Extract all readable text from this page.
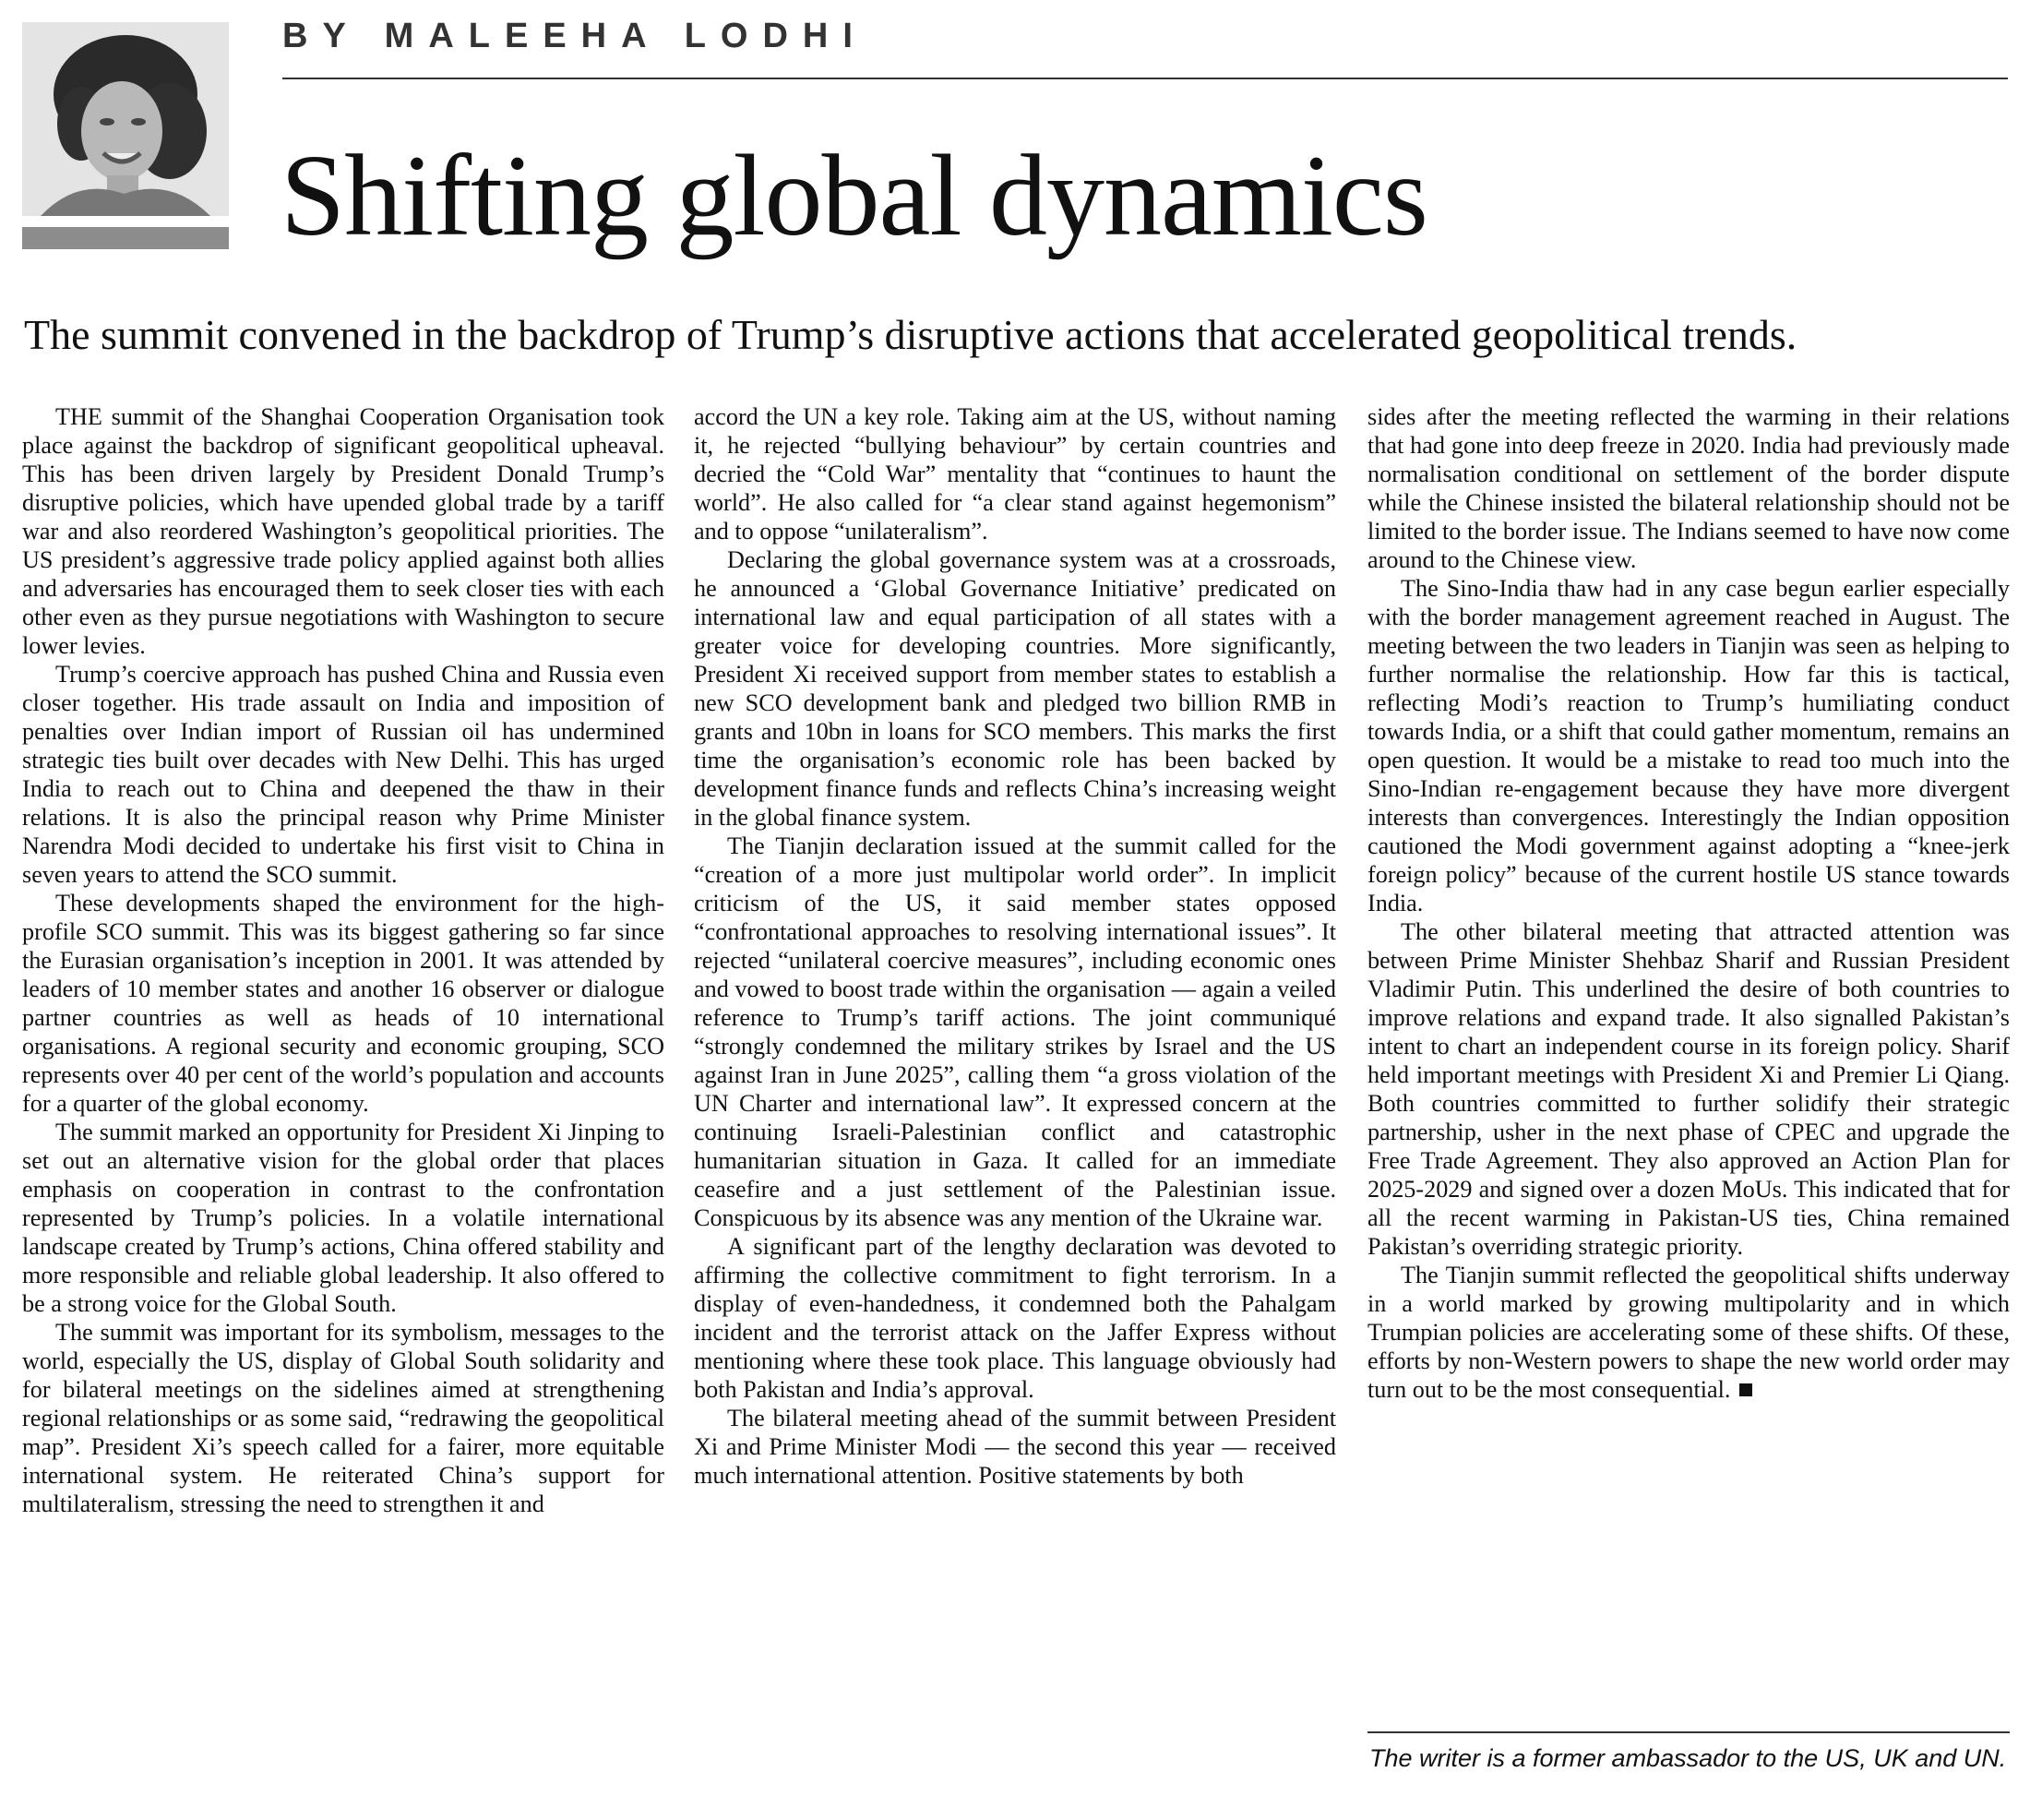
BY MALEEHA LODHI
Shifting global dynamics
The summit convened in the backdrop of Trump’s disruptive actions that accelerated geopolitical trends.

THE summit of the Shanghai Cooperation Organisation took place against the backdrop of significant geopolitical upheaval. This has been driven largely by President Donald Trump’s disruptive policies, which have upended global trade by a tariff war and also reordered Washington’s geopolitical priorities. The US president’s aggressive trade policy applied against both allies and adversaries has encouraged them to seek closer ties with each other even as they pursue negotiations with Washington to secure lower levies.

Trump’s coercive approach has pushed China and Russia even closer together. His trade assault on India and imposition of penalties over Indian import of Russian oil has undermined strategic ties built over decades with New Delhi. This has urged India to reach out to China and deepened the thaw in their relations. It is also the principal reason why Prime Minister Narendra Modi decided to undertake his first visit to China in seven years to attend the SCO summit.

These developments shaped the environment for the high-profile SCO summit. This was its biggest gathering so far since the Eurasian organisation’s inception in 2001. It was attended by leaders of 10 member states and another 16 observer or dialogue partner countries as well as heads of 10 international organisations. A regional security and economic grouping, SCO represents over 40 per cent of the world’s population and accounts for a quarter of the global economy.

The summit marked an opportunity for President Xi Jinping to set out an alternative vision for the global order that places emphasis on cooperation in contrast to the confrontation represented by Trump’s policies. In a volatile international landscape created by Trump’s actions, China offered stability and more responsible and reliable global leadership. It also offered to be a strong voice for the Global South.

The summit was important for its symbolism, messages to the world, especially the US, display of Global South solidarity and for bilateral meetings on the sidelines aimed at strengthening regional relationships or as some said, “redrawing the geopolitical map”. President Xi’s speech called for a fairer, more equitable international system. He reiterated China’s support for multilateralism, stressing the need to strengthen it and

accord the UN a key role. Taking aim at the US, without naming it, he rejected “bullying behaviour” by certain countries and decried the “Cold War” mentality that “continues to haunt the world”. He also called for “a clear stand against hegemonism” and to oppose “unilateralism”.

Declaring the global governance system was at a crossroads, he announced a ‘Global Governance Initiative’ predicated on international law and equal participation of all states with a greater voice for developing countries. More significantly, President Xi received support from member states to establish a new SCO development bank and pledged two billion RMB in grants and 10bn in loans for SCO members. This marks the first time the organisation’s economic role has been backed by development finance funds and reflects China’s increasing weight in the global finance system.

The Tianjin declaration issued at the summit called for the “creation of a more just multipolar world order”. In implicit criticism of the US, it said member states opposed “confrontational approaches to resolving international issues”. It rejected “unilateral coercive measures”, including economic ones and vowed to boost trade within the organisation — again a veiled reference to Trump’s tariff actions. The joint communiqué “strongly condemned the military strikes by Israel and the US against Iran in June 2025”, calling them “a gross violation of the UN Charter and international law”. It expressed concern at the continuing Israeli-Palestinian conflict and catastrophic humanitarian situation in Gaza. It called for an immediate ceasefire and a just settlement of the Palestinian issue. Conspicuous by its absence was any mention of the Ukraine war.

A significant part of the lengthy declaration was devoted to affirming the collective commitment to fight terrorism. In a display of even-handedness, it condemned both the Pahalgam incident and the terrorist attack on the Jaffer Express without mentioning where these took place. This language obviously had both Pakistan and India’s approval.

The bilateral meeting ahead of the summit between President Xi and Prime Minister Modi — the second this year — received much international attention. Positive statements by both

sides after the meeting reflected the warming in their relations that had gone into deep freeze in 2020. India had previously made normalisation conditional on settlement of the border dispute while the Chinese insisted the bilateral relationship should not be limited to the border issue. The Indians seemed to have now come around to the Chinese view.

The Sino-India thaw had in any case begun earlier especially with the border management agreement reached in August. The meeting between the two leaders in Tianjin was seen as helping to further normalise the relationship. How far this is tactical, reflecting Modi’s reaction to Trump’s humiliating conduct towards India, or a shift that could gather momentum, remains an open question. It would be a mistake to read too much into the Sino-Indian re-engagement because they have more divergent interests than convergences. Interestingly the Indian opposition cautioned the Modi government against adopting a “knee-jerk foreign policy” because of the current hostile US stance towards India.

The other bilateral meeting that attracted attention was between Prime Minister Shehbaz Sharif and Russian President Vladimir Putin. This underlined the desire of both countries to improve relations and expand trade. It also signalled Pakistan’s intent to chart an independent course in its foreign policy. Sharif held important meetings with President Xi and Premier Li Qiang. Both countries committed to further solidify their strategic partnership, usher in the next phase of CPEC and upgrade the Free Trade Agreement. They also approved an Action Plan for 2025-2029 and signed over a dozen MoUs. This indicated that for all the recent warming in Pakistan-US ties, China remained Pakistan’s overriding strategic priority.

The Tianjin summit reflected the geopolitical shifts underway in a world marked by growing multipolarity and in which Trumpian policies are accelerating some of these shifts. Of these, efforts by non-Western powers to shape the new world order may turn out to be the most consequential.

The writer is a former ambassador to the US, UK and UN.
